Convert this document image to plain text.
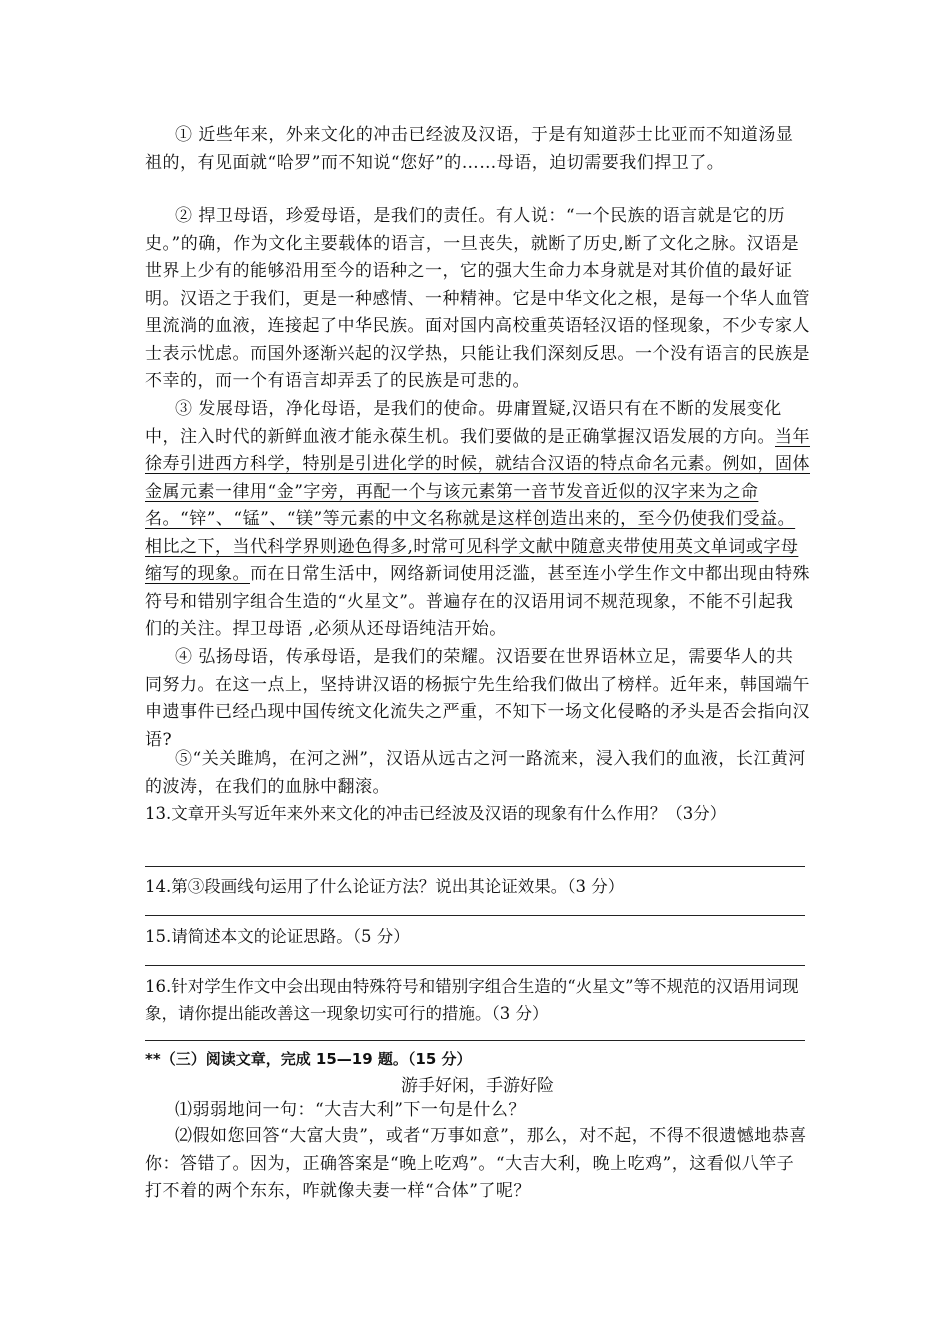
① 近些年来，外来文化的冲击已经波及汉语，于是有知道莎士比亚而不知道汤显祖的，有见面就“哈罗”而不知说“您好”的……母语，迫切需要我们捍卫了。
② 捍卫母语，珍爱母语，是我们的责任。有人说：“一个民族的语言就是它的历史。”的确，作为文化主要载体的语言，一旦丧失，就断了历史,断了文化之脉。汉语是世界上少有的能够沿用至今的语种之一，它的强大生命力本身就是对其价值的最好证明。汉语之于我们，更是一种感情、一种精神。它是中华文化之根，是每一个华人血管里流淌的血液，连接起了中华民族。面对国内高校重英语轻汉语的怪现象，不少专家人士表示忧虑。而国外逐渐兴起的汉学热，只能让我们深刻反思。一个没有语言的民族是不幸的，而一个有语言却弄丢了的民族是可悲的。
③ 发展母语，净化母语，是我们的使命。毋庸置疑,汉语只有在不断的发展变化中，注入时代的新鲜血液才能永葆生机。我们要做的是正确掌握汉语发展的方向。当年徐寿引进西方科学，特别是引进化学的时候，就结合汉语的特点命名元素。例如，固体金属元素一律用“金”字旁，再配一个与该元素第一音节发音近似的汉字来为之命名。“锌”、“锰”、“镁”等元素的中文名称就是这样创造出来的，至今仍使我们受益。相比之下，当代科学界则逊色得多,时常可见科学文献中随意夹带使用英文单词或字母缩写的现象。而在日常生活中，网络新词使用泛滥，甚至连小学生作文中都出现由特殊符号和错别字组合生造的“火星文”。普遍存在的汉语用词不规范现象，不能不引起我们的关注。捍卫母语 ,必须从还母语纯洁开始。
④ 弘扬母语，传承母语，是我们的荣耀。汉语要在世界语林立足，需要华人的共同努力。在这一点上，坚持讲汉语的杨振宁先生给我们做出了榜样。近年来，韩国端午申遗事件已经凸现中国传统文化流失之严重，不知下一场文化侵略的矛头是否会指向汉语?
⑤“关关雎鸠，在河之洲”，汉语从远古之河一路流来，浸入我们的血液，长江黄河的波涛，在我们的血脉中翻滚。
13.文章开头写近年来外来文化的冲击已经波及汉语的现象有什么作用？（3分）
14.第③段画线句运用了什么论证方法？说出其论证效果。（3 分）
15.请简述本文的论证思路。（5 分）
16.针对学生作文中会出现由特殊符号和错别字组合生造的“火星文”等不规范的汉语用词现象，请你提出能改善这一现象切实可行的措施。（3 分）
**（三）阅读文章，完成 15—19 题。（15 分）
游手好闲，手游好险
⑴弱弱地问一句：“大吉大利”下一句是什么？
⑵假如您回答“大富大贵”，或者“万事如意”，那么，对不起，不得不很遗憾地恭喜你：答错了。因为，正确答案是“晚上吃鸡”。“大吉大利，晚上吃鸡”，这看似八竿子打不着的两个东东，咋就像夫妻一样“合体”了呢？
